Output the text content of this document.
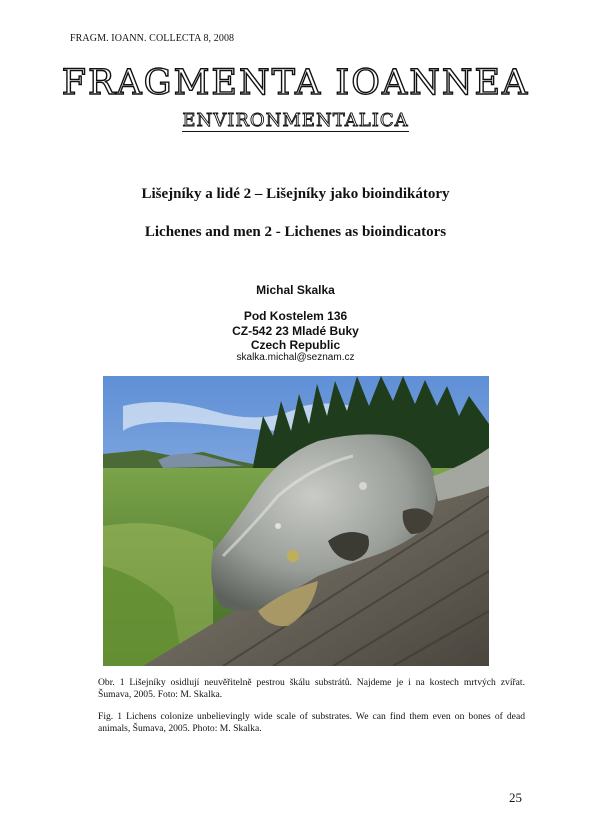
FRAGM. IOANN. COLLECTA 8, 2008
FRAGMENTA IOANNEA
ENVIRONMENTALICA
Lišejníky a lidé 2 – Lišejníky jako bioindikátory
Lichenes and men 2 - Lichenes as bioindicators
Michal Skalka
Pod Kostelem 136
CZ-542 23 Mladé Buky
Czech Republic
skalka.michal@seznam.cz
Obr. 1 Lišejníky osidlují neuvěřitelně pestrou škálu substrátů. Najdeme je i na kostech mrtvých zvířat. Šumava, 2005. Foto: M. Skalka.
Fig. 1 Lichens colonize unbelievingly wide scale of substrates. We can find them even on bones of dead animals, Šumava, 2005. Photo: M. Skalka.
25
